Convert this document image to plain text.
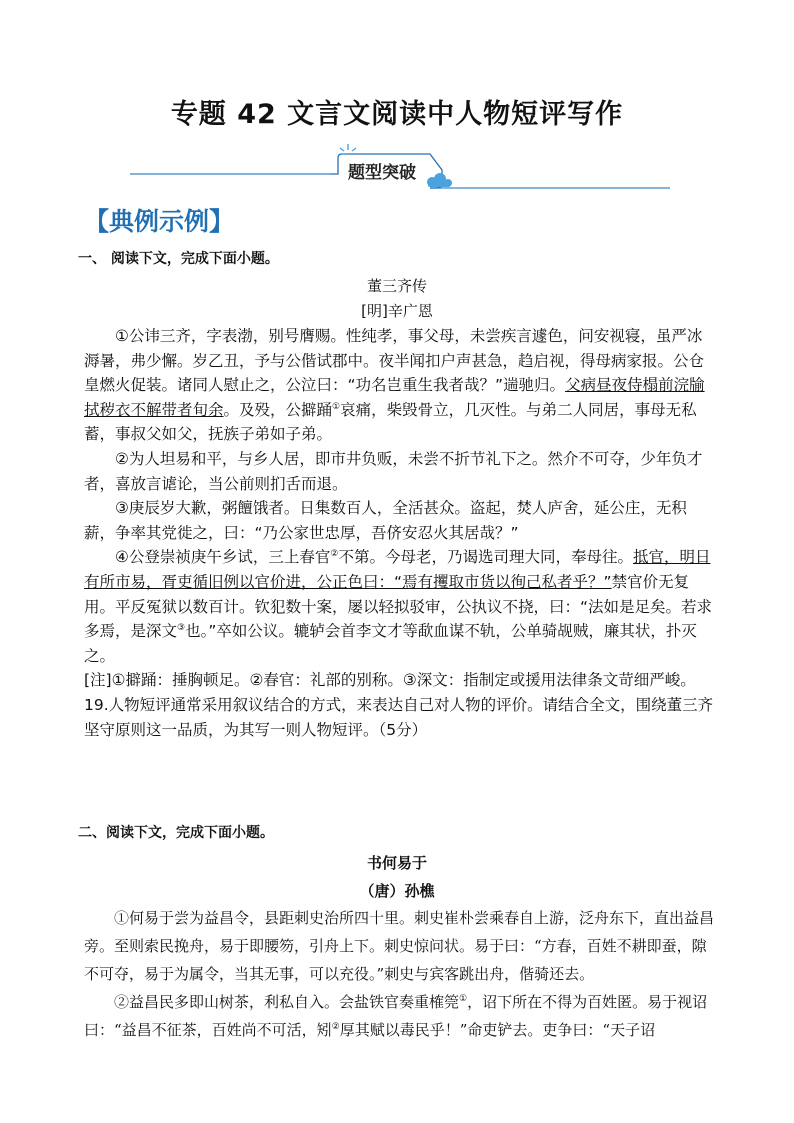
专题 42 文言文阅读中人物短评写作
题型突破
【典例示例】
一、 阅读下文，完成下面小题。
董三齐传
[明]辛广恩

①公讳三齐，字表渤，别号膺赐。性纯孝，事父母，未尝疾言遽色，问安视寝，虽严冰溽暑，弗少懈。岁乙丑，予与公偕试郡中。夜半闻扣户声甚急，趋启视，得母病家报。公仓皇燃火促装。诸同人慰止之，公泣曰：“功名岂重生我者哉？”遄驰归。父病昼夜侍榻前浣牏拭秽衣不解带者旬余。及殁，公擗踊①哀痛，柴毁骨立，几灭性。与弟二人同居，事母无私蓄，事叔父如父，抚族子弟如子弟。

②为人坦易和平，与乡人居，即市井负贩，未尝不折节礼下之。然介不可夺，少年负才者，喜放言谑论，当公前则扪舌而退。

③庚辰岁大歉，粥饘饿者。日集数百人，全活甚众。盗起，焚人庐舍，延公庄，无积薪，争率其党徙之，曰：“乃公家世忠厚，吾侪安忍火其居哉？”

④公登崇祯庚午乡试，三上春官②不第。今母老，乃谒选司理大同，奉母往。抵官，明日有所市易，胥吏循旧例以官价进，公正色曰：“焉有攫取市货以徇己私者乎？”禁官价无复用。平反冤狱以数百计。钦犯数十案，屡以轻拟驳审，公执议不挠，曰：“法如是足矣。若求多焉，是深文③也。”卒如公议。辘轳会首李文才等歃血谋不轨，公单骑觇贼，廉其状，扑灭之。

[注]①擗踊：捶胸顿足。②春官：礼部的别称。③深文：指制定或援用法律条文苛细严峻。

19.人物短评通常采用叙议结合的方式，来表达自己对人物的评价。请结合全文，围绕董三齐坚守原则这一品质，为其写一则人物短评。（5分）

二、阅读下文，完成下面小题。
书何易于
（唐）孙樵

①何易于尝为益昌令，县距刺史治所四十里。刺史崔朴尝乘春自上游，泛舟东下，直出益昌旁。至则索民挽舟，易于即腰笏，引舟上下。刺史惊问状。易于曰：“方春，百姓不耕即蚕，隙不可夺，易于为属令，当其无事，可以充役。”刺史与宾客跳出舟，偕骑还去。

②益昌民多即山树茶，利私自入。会盐铁官奏重榷筦①，诏下所在不得为百姓匿。易于视诏曰：“益昌不征茶，百姓尚不可活，矧②厚其赋以毒民乎！”命吏铲去。吏争曰：“天子诏
